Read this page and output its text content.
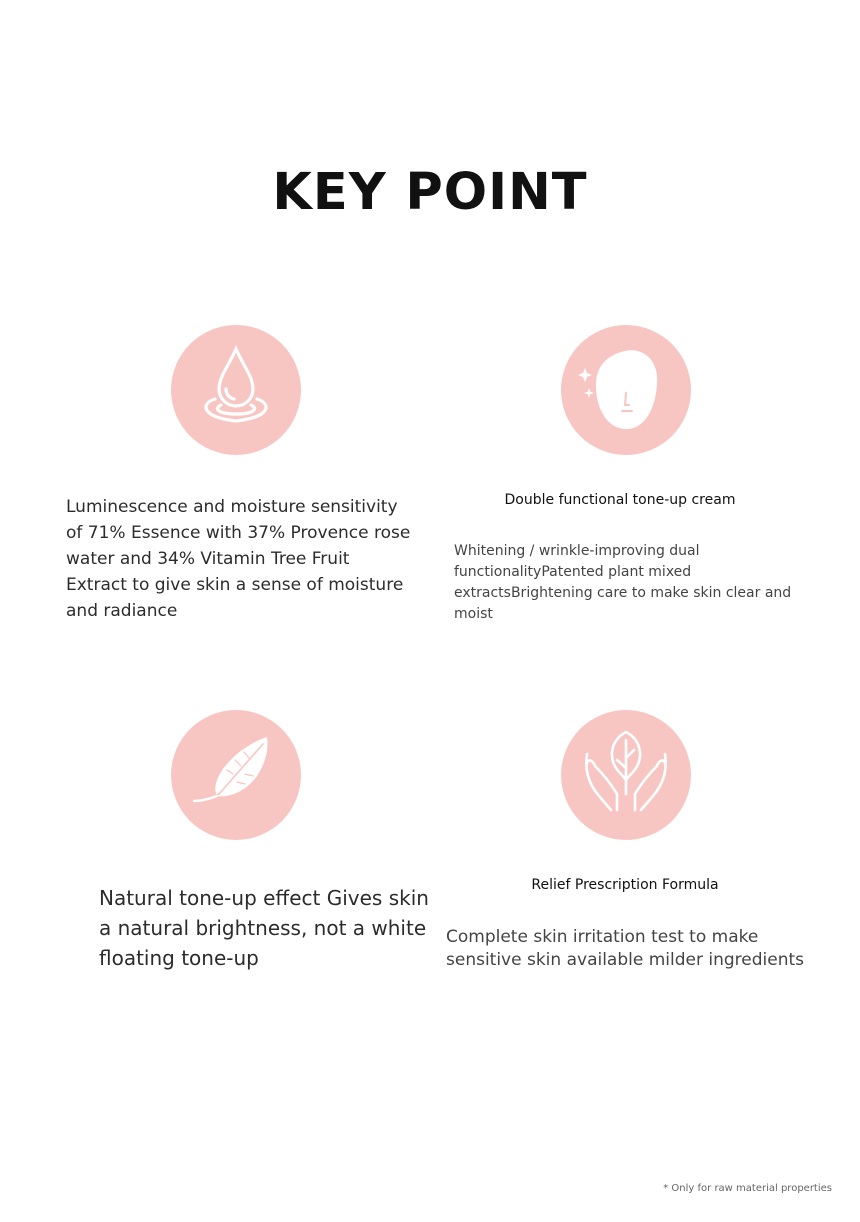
KEY POINT

Luminescence and moisture sensitivity of 71% Essence with 37% Provence rose water and 34% Vitamin Tree Fruit Extract to give skin a sense of moisture and radiance

Double functional tone-up cream

Whitening / wrinkle-improving dual functionalityPatented plant mixed extractsBrightening care to make skin clear and moist

Natural tone-up effect Gives skin a natural brightness, not a white floating tone-up

Relief Prescription Formula

Complete skin irritation test to make sensitive skin available milder ingredients

* Only for raw material properties
